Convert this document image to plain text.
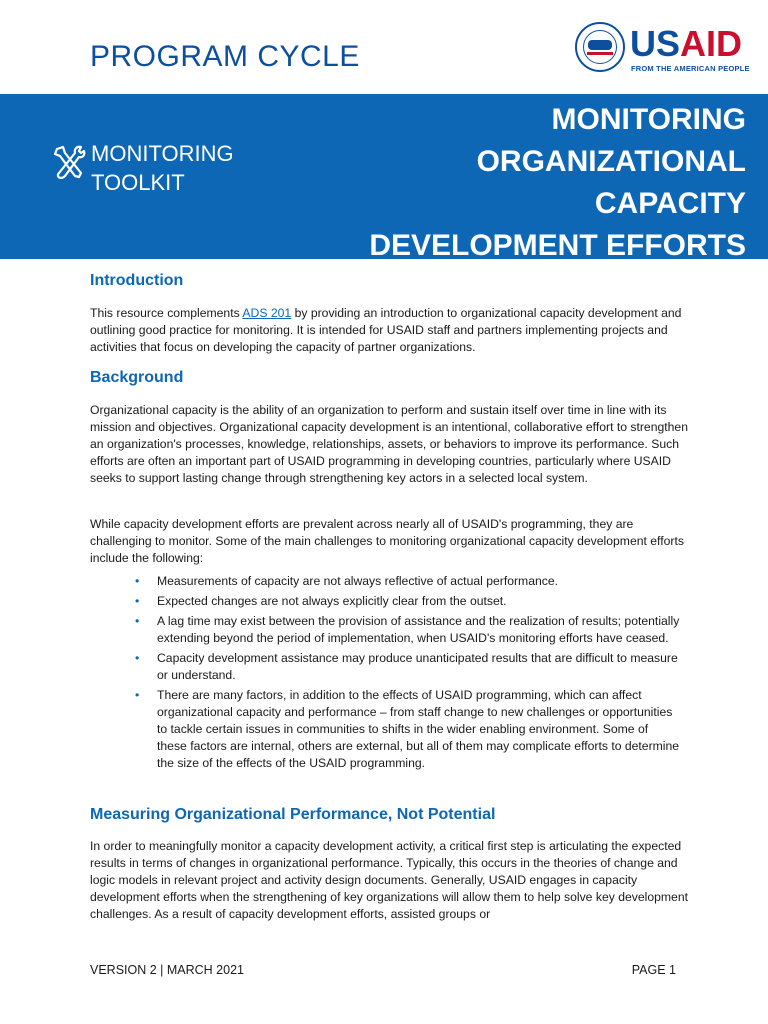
PROGRAM CYCLE	USAID
FROM THE AMERICAN PEOPLE
MONITORING
TOOLKIT
MONITORING
ORGANIZATIONAL
CAPACITY
DEVELOPMENT EFFORTS
Introduction

This resource complements ADS 201 by providing an introduction to organizational capacity development and outlining good practice for monitoring. It is intended for USAID staff and partners implementing projects and activities that focus on developing the capacity of partner organizations.

Background

Organizational capacity is the ability of an organization to perform and sustain itself over time in line with its mission and objectives. Organizational capacity development is an intentional, collaborative effort to strengthen an organization's processes, knowledge, relationships, assets, or behaviors to improve its performance. Such efforts are often an important part of USAID programming in developing countries, particularly where USAID seeks to support lasting change through strengthening key actors in a selected local system.

While capacity development efforts are prevalent across nearly all of USAID's programming, they are challenging to monitor. Some of the main challenges to monitoring organizational capacity development efforts include the following:

• Measurements of capacity are not always reflective of actual performance.
• Expected changes are not always explicitly clear from the outset.
• A lag time may exist between the provision of assistance and the realization of results; potentially extending beyond the period of implementation, when USAID's monitoring efforts have ceased.
• Capacity development assistance may produce unanticipated results that are difficult to measure or understand.
• There are many factors, in addition to the effects of USAID programming, which can affect organizational capacity and performance – from staff change to new challenges or opportunities to tackle certain issues in communities to shifts in the wider enabling environment. Some of these factors are internal, others are external, but all of them may complicate efforts to determine the size of the effects of the USAID programming.
Measuring Organizational Performance, Not Potential

In order to meaningfully monitor a capacity development activity, a critical first step is articulating the expected results in terms of changes in organizational performance. Typically, this occurs in the theories of change and logic models in relevant project and activity design documents. Generally, USAID engages in capacity development efforts when the strengthening of key organizations will allow them to help solve key development challenges. As a result of capacity development efforts, assisted groups or

VERSION 2 | MARCH 2021	PAGE 1
